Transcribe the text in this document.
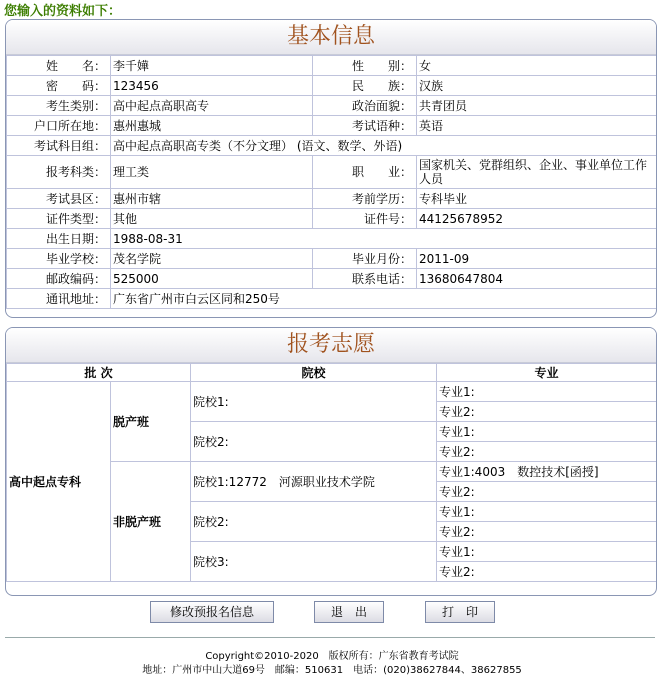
您输入的资料如下：
基本信息
姓　　名：	李千嬅	性　　别：	女
密　　码：	123456	民　　族：	汉族
考生类别：	高中起点高职高专	政治面貌：	共青团员
户口所在地：	惠州惠城	考试语种：	英语
考试科目组：	高中起点高职高专类（不分文理） (语文、数学、外语)		
报考科类：	理工类	职　　业：	国家机关、党群组织、企业、事业单位工作人员
考试县区：	惠州市辖	考前学历：	专科毕业
证件类型：	其他	证件号：	44125678952
出生日期：	1988-08-31		
毕业学校：	茂名学院	毕业月份：	2011-09
邮政编码：	525000	联系电话：	13680647804
通讯地址：	广东省广州市白云区同和250号		
报考志愿
批 次		院校	专业
高中起点专科	脱产班	院校1:	专业1:
			专业2:
		院校2:	专业1:
			专业2:
	非脱产班	院校1:12772　河源职业技术学院	专业1:4003　数控技术[函授]
			专业2:
		院校2:	专业1:
			专业2:
		院校3:	专业1:
			专业2:
修改预报名信息	退　出	打　印
Copyright©2010-2020　版权所有：广东省教育考试院
地址：广州市中山大道69号　邮编：510631　电话：(020)38627844、38627855
